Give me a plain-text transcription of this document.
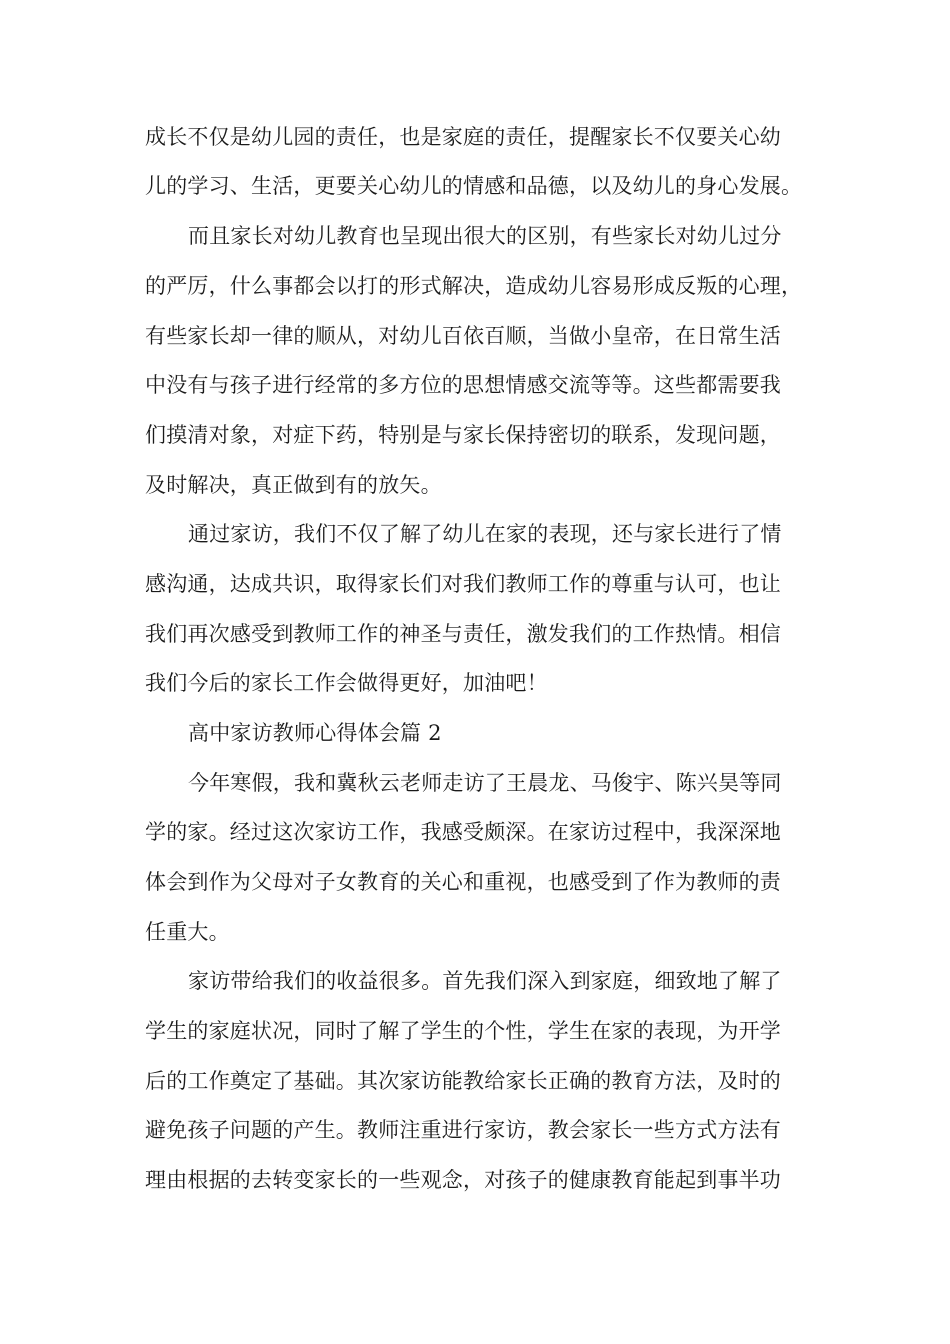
成长不仅是幼儿园的责任，也是家庭的责任，提醒家长不仅要关心幼
儿的学习、生活，更要关心幼儿的情感和品德，以及幼儿的身心发展。
而且家长对幼儿教育也呈现出很大的区别，有些家长对幼儿过分
的严厉，什么事都会以打的形式解决，造成幼儿容易形成反叛的心理，
有些家长却一律的顺从，对幼儿百依百顺，当做小皇帝，在日常生活
中没有与孩子进行经常的多方位的思想情感交流等等。这些都需要我
们摸清对象，对症下药，特别是与家长保持密切的联系，发现问题，
及时解决，真正做到有的放矢。
通过家访，我们不仅了解了幼儿在家的表现，还与家长进行了情
感沟通，达成共识，取得家长们对我们教师工作的尊重与认可，也让
我们再次感受到教师工作的神圣与责任，激发我们的工作热情。相信
我们今后的家长工作会做得更好，加油吧！
高中家访教师心得体会篇 2
今年寒假，我和冀秋云老师走访了王晨龙、马俊宇、陈兴昊等同
学的家。经过这次家访工作，我感受颇深。在家访过程中，我深深地
体会到作为父母对子女教育的关心和重视，也感受到了作为教师的责
任重大。
家访带给我们的收益很多。首先我们深入到家庭，细致地了解了
学生的家庭状况，同时了解了学生的个性，学生在家的表现，为开学
后的工作奠定了基础。其次家访能教给家长正确的教育方法，及时的
避免孩子问题的产生。教师注重进行家访，教会家长一些方式方法有
理由根据的去转变家长的一些观念，对孩子的健康教育能起到事半功
